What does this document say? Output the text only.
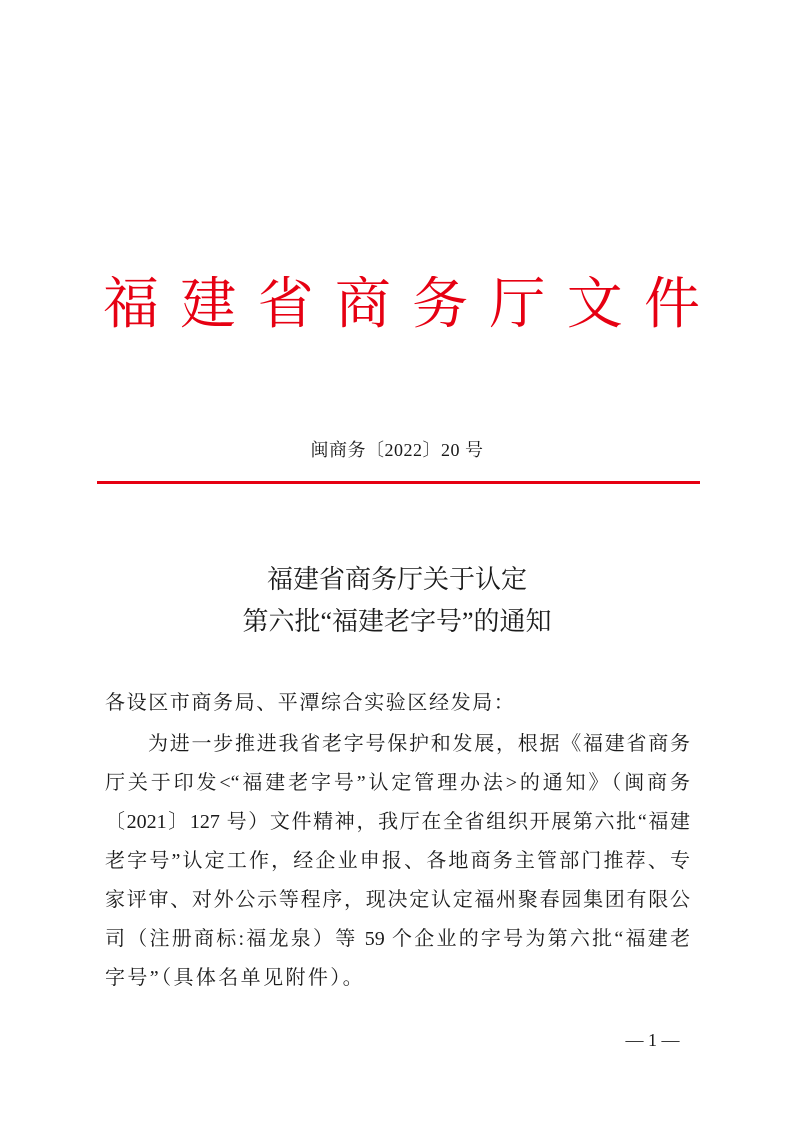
福建省商务厅文件
闽商务〔2022〕20 号
福建省商务厅关于认定
第六批“福建老字号”的通知
各设区市商务局、平潭综合实验区经发局：
为进一步推进我省老字号保护和发展，根据《福建省商务
厅关于印发<“福建老字号”认定管理办法>的通知》（闽商务
〔2021〕127 号）文件精神，我厅在全省组织开展第六批“福建
老字号”认定工作，经企业申报、各地商务主管部门推荐、专
家评审、对外公示等程序，现决定认定福州聚春园集团有限公
司（注册商标:福龙泉）等 59 个企业的字号为第六批“福建老
字号”（具体名单见附件）。
— 1 —
